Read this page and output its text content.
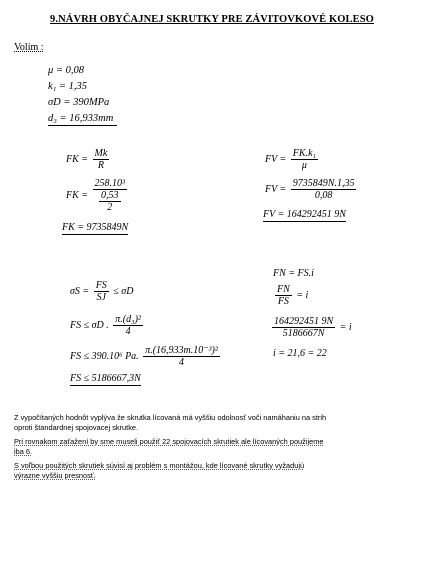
9.NÁVRH OBYČAJNEJ SKRUTKY PRE ZÁVITOVKOVÉ KOLESO
Volím :
μ = 0,08
k₁ = 1,35
σD = 390MPa
d₃ = 16,933mm
FK = $\frac{Mk}{R}$
FK =
258.10³
0,53
2
FK = 9735849N
FV = $\frac{\text{FK.k₁}}{\mu}$
FV = $\frac{9735849N.1,35}{0,08}$
FV = 164292451 9N
$\sigma S = \frac{FS}{SJ} \le \sigma D$
FS ≤ σD . $\frac{\text{π.(d₃)²}}{4}$
FS ≤ 390.10⁶ Pa. $\frac{\text{π.(16,933m.10⁻³)²}}{4}$
FS ≤ 5186667,3N
FN = FS.i
$\frac{FN}{FS} = i$
$\frac{164292451 9N}{5186667N} = i$
i = 21,6 = 22
Z vypočítaných hodnôt vyplýva že skrutka lícovaná má vyššiu odolnosť voči namáhaniu na strih
oproti štandardnej spojovacej skrutke.
Pri rovnakom zaťažení by sme museli použiť 22 spojovacích skrutiek ale lícovaných použijeme
iba 6.
S voľbou použitých skrutiek súvisí aj problém s montážou, kde lícované skrutky vyžadujú
výrazne vyššiu presnosť.
